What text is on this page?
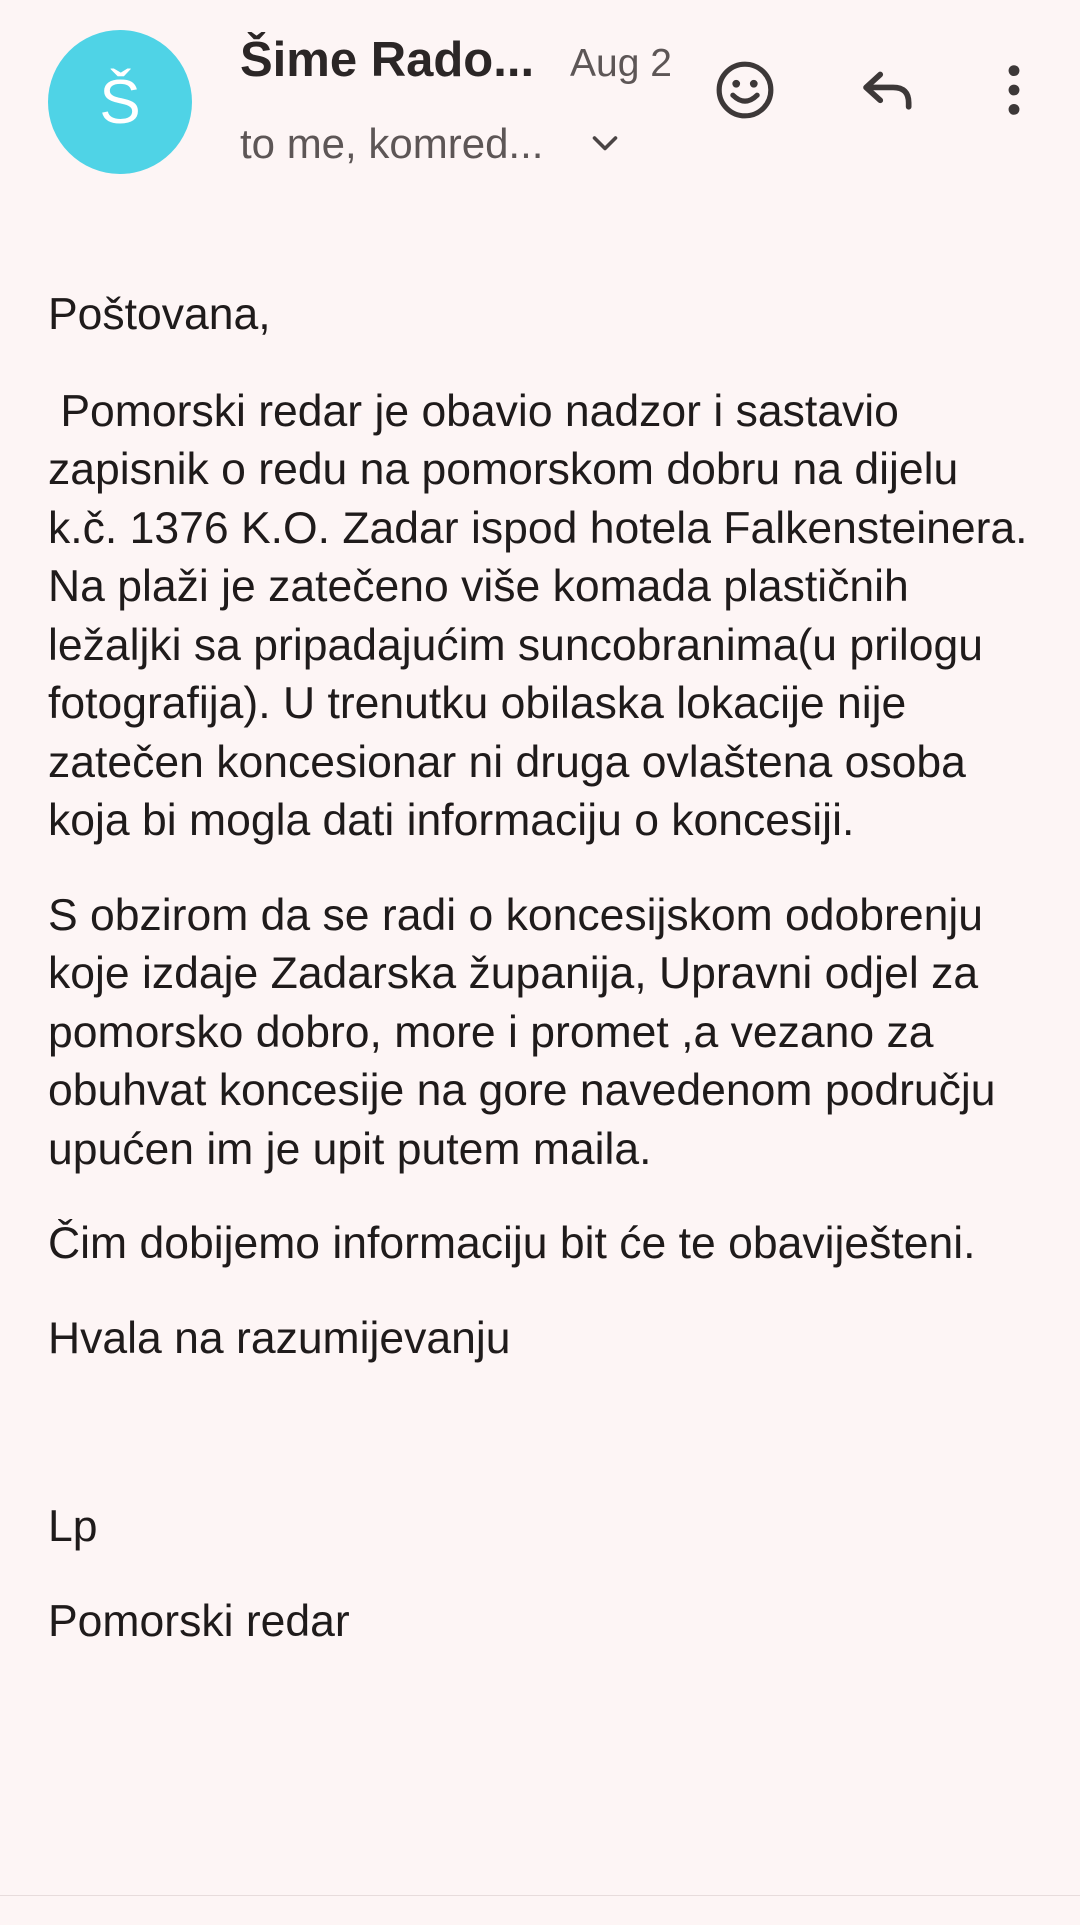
Š
Šime Rado... Aug 2
to me, komred...

Poštovana,

Pomorski redar je obavio nadzor i sastavio zapisnik o redu na pomorskom dobru na dijelu k.č. 1376 K.O. Zadar ispod hotela Falkensteinera. Na plaži je zatečeno više komada plastičnih ležaljki sa pripadajućim suncobranima(u prilogu fotografija). U trenutku obilaska lokacije nije zatečen koncesionar ni druga ovlaštena osoba koja bi mogla dati informaciju o koncesiji.

S obzirom da se radi o koncesijskom odobrenju koje izdaje Zadarska županija, Upravni odjel za pomorsko dobro, more i promet ,a vezano za obuhvat koncesije na gore navedenom području upućen im je upit putem maila.

Čim dobijemo informaciju bit će te obaviješteni.

Hvala na razumijevanju

Lp

Pomorski redar
